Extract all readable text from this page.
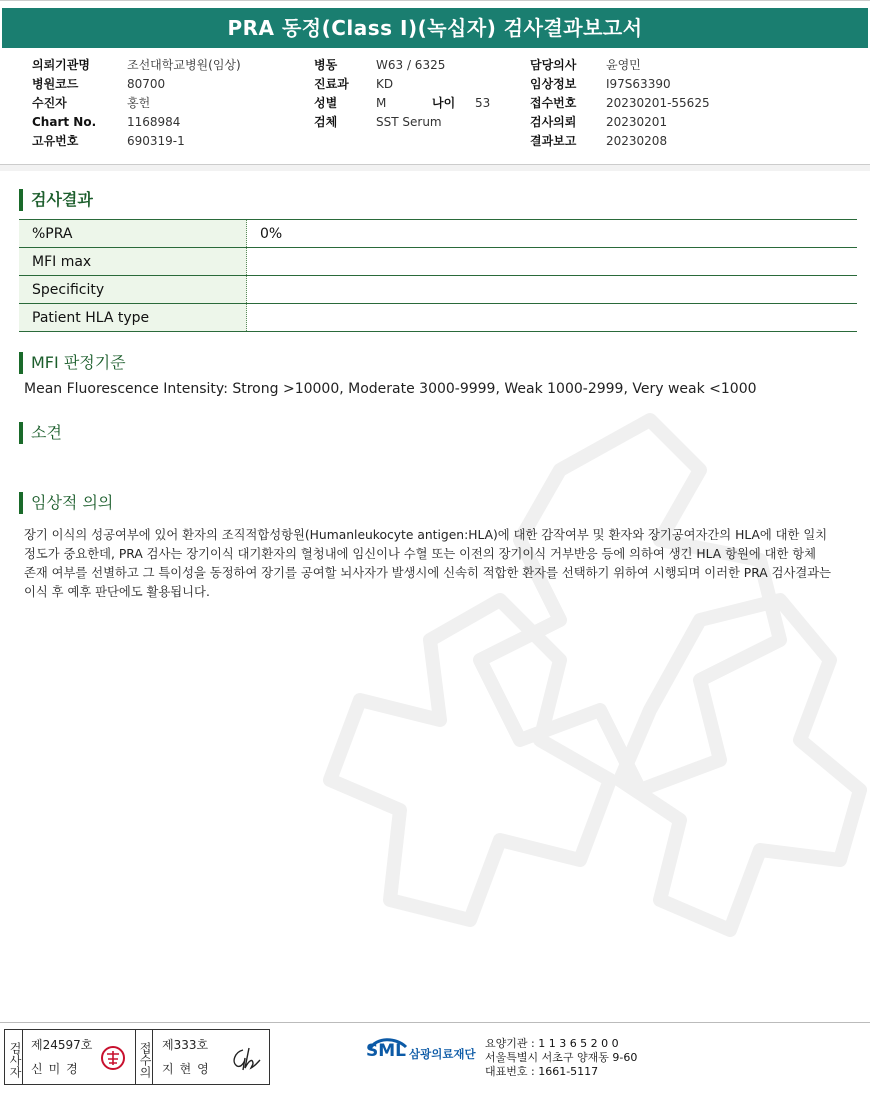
PRA 동정(Class I)(녹십자) 검사결과보고서
의뢰기관명	조선대학교병원(임상)
병원코드	80700
수진자	홍헌
Chart No.	1168984
고유번호	690319-1
병동	W63 / 6325
진료과 KD
성별	M	나이 53
검체	SST Serum
담당의사 윤영민
임상정보 I97S63390
접수번호 20230201-55625
검사의뢰 20230201
결과보고 20230208
검사결과
%PRA	0%
MFI max	
Specificity	
Patient HLA type	
MFI 판정기준
Mean Fluorescence Intensity: Strong >10000, Moderate 3000-9999, Weak 1000-2999, Very weak <1000
소견
임상적 의의
장기 이식의 성공여부에 있어 환자의 조직적합성항원(Humanleukocyte antigen:HLA)에 대한 감작여부 및 환자와 장기공여자간의 HLA에 대한 일치
정도가 중요한데, PRA 검사는 장기이식 대기환자의 혈청내에 임신이나 수혈 또는 이전의 장기이식 거부반응 등에 의하여 생긴 HLA 항원에 대한 항체
존재 여부를 선별하고 그 특이성을 동정하여 장기를 공여할 뇌사자가 발생시에 신속히 적합한 환자를 선택하기 위하여 시행되며 이러한 PRA 검사결과는
이식 후 예후 판단에도 활용됩니다.
검사자 제24597호
신미경	접수의 제333호
지현영
SML 삼광의료재단
요양기관 : 1 1 3 6 5 2 0 0
서울특별시 서초구 양재동 9-60
대표번호 : 1661-5117
